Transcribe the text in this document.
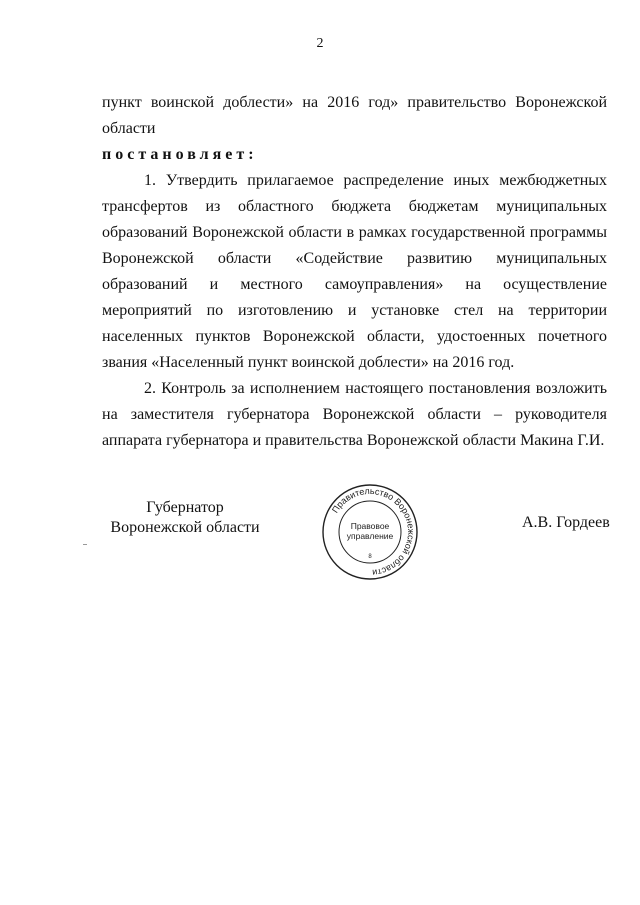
2

пункт воинской доблести» на 2016 год» правительство Воронежской области

постановляет:

1. Утвердить прилагаемое распределение иных межбюджетных трансфертов из областного бюджета бюджетам муниципальных образований Воронежской области в рамках государственной программы Воронежской области «Содействие развитию муниципальных образований и местного самоуправления» на осуществление мероприятий по изготовлению и установке стел на территории населенных пунктов Воронежской области, удостоенных почетного звания «Населенный пункт воинской доблести» на 2016 год.

2. Контроль за исполнением настоящего постановления возложить на заместителя губернатора Воронежской области – руководителя аппарата губернатора и правительства Воронежской области Макина Г.И.

Губернатор
Воронежской области
Правительство Воронежской области
Правовое
управление
8
А.В. Гордеев
